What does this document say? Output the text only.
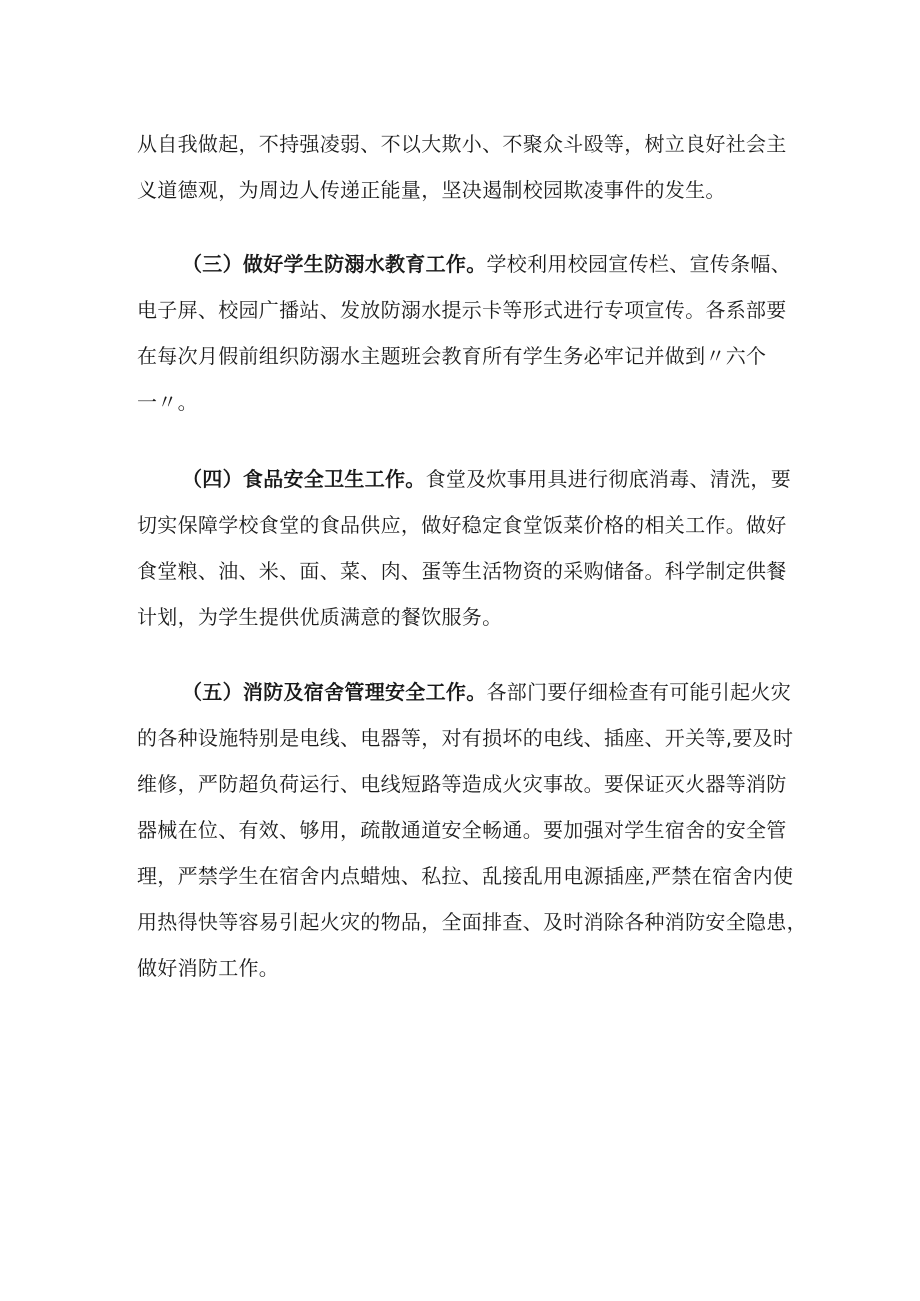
从自我做起，不持强凌弱、不以大欺小、不聚众斗殴等，树立良好社会主
义道德观，为周边人传递正能量，坚决遏制校园欺凌事件的发生。
（三）做好学生防溺水教育工作。学校利用校园宣传栏、宣传条幅、
电子屏、校园广播站、发放防溺水提示卡等形式进行专项宣传。各系部要
在每次月假前组织防溺水主题班会教育所有学生务必牢记并做到〃六个
一〃。
（四）食品安全卫生工作。食堂及炊事用具进行彻底消毒、清洗，要
切实保障学校食堂的食品供应，做好稳定食堂饭菜价格的相关工作。做好
食堂粮、油、米、面、菜、肉、蛋等生活物资的采购储备。科学制定供餐
计划，为学生提供优质满意的餐饮服务。
（五）消防及宿舍管理安全工作。各部门要仔细检查有可能引起火灾
的各种设施特别是电线、电器等，对有损坏的电线、插座、开关等,要及时
维修，严防超负荷运行、电线短路等造成火灾事故。要保证灭火器等消防
器械在位、有效、够用，疏散通道安全畅通。要加强对学生宿舍的安全管
理，严禁学生在宿舍内点蜡烛、私拉、乱接乱用电源插座,严禁在宿舍内使
用热得快等容易引起火灾的物品，全面排查、及时消除各种消防安全隐患，
做好消防工作。
